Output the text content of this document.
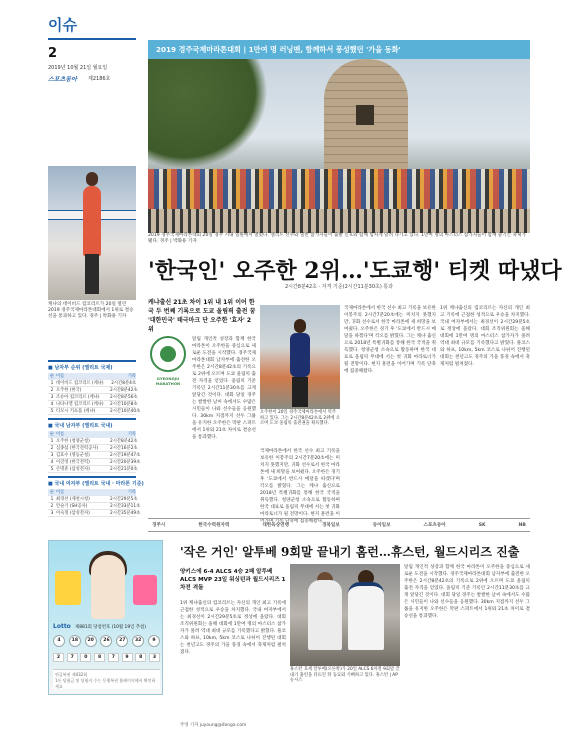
이슈
2
2019년 10월 21일 월요일
스포츠동아 제2186호
케냐의 데이비드 킵코리르가 20일 열린 2019 경주국제마라톤대회에서 1위로 결승선을 통과하고 있다. 경주 | 박화용 기자
■ 남자부 순위 (엘리트 국제)
순 이름	기록
1 데이비드 킵코리르 (케냐)	2시간8분4초
2 오주한 (한국)	2시간8분42초
3 조슈아 킵코리르 (케냐)	2시간8분56초
4 나타나엘 킵코리르 (케냐)	2시간10분8초
5 티모시 키프롭 (케냐)	2시간10분40초
■ 국내 남자부 (엘리트 국내)
순 이름	기록
1 오주한 (청양군청)	2시간8분42초
2 심종섭 (한국전력공사)	2시간16분2초
3 김효수 (영동군청)	2시간19분47초
4 이진영 (한국전력)	2시간20분39초
5 손명준 (삼성전자)	2시간21분0초
■ 국내 여자부 (엘리트 국내 · 마라톤 기준)
순 이름	기록
1 최경선 (제천시청)	2시간29분5초
2 안슬기 (SH공사)	2시간33분11초
3 이숙정 (삼성전자)	2시간35분49초
2019 경주국제마라톤대회 | 1만여 명 러닝맨, 함께하서 풍성했던 '가을 동화'
2019 경주국제마라톤대회 20일 경주 시내 일원에서 열렸다. 엘리트 선수와 일반 참가자들이 출발 신호와 함께 힘차게 달려 나가고 있다. 1만여 명의 마스터스 참가자들이 함께 즐기는 축제가 됐다. 경주 | 박화용 기자
'한국인' 오주한 2위…'도쿄행' 티켓 따냈다
2시간8분42초 · 자격 기준(2시간11분30초) 통과
케냐출신 21초 차이 1위 내 1위 이어 한국 두 번째 기록으로 도쿄 올림픽 출전 꿈 '대한민국' 태극마크 단 오주한 '효자' 2위
GYEONGJU MARATHON
달림 개인적 성장과 함께 한국 마라톤이 오주한을 중심으로 새로운 도전을 시작했다. 경주국제마라톤대회 남자부에 출전한 오주한은 2시간8분42초의 기록으로 2위에 오르며 도쿄 올림픽 출전 자격을 얻었다. 올림픽 기준 기록인 2시간11분30초를 크게 앞당긴 것이다. 대회 당일 경주는 쌀쌀한 날씨 속에서도 수많은 시민들이 나와 선수들을 응원했다. 30km 지점까지 선두 그룹을 유지한 오주한은 막판 스퍼트에서 1위와 21초 차이로 결승선을 통과했다.
오주한이 20일 경주국제마라톤에서 역주하고 있다. 그는 2시간8분42초로 2위에 오르며 도쿄 올림픽 출전권을 획득했다.
국제마라톤에서 한국 선수 최고 기록을 보유한 이봉주의 2시간7분20초에는 미치지 못했지만, 귀화 선수로서 한국 마라톤에 새 희망을 보여줬다. 오주한은 경기 후 '도쿄에서 반드시 메달을 따겠다'며 각오를 밝혔다. 그는 케냐 출신으로 2018년 특별귀화를 통해 한국 국적을 취득했다. 청양군청 소속으로 활동하며 한국 대표로 올림픽 무대에 서는 첫 귀화 마라토너가 될 전망이다. 현지 훈련을 이어가며 기록 단축에 집중해왔다.
국제마라톤에서 한국 선수 최고 기록을 보유한 이봉주의 2시간7분20초에는 미치지 못했지만, 귀화 선수로서 한국 마라톤에 새 희망을 보여줬다. 오주한은 경기 후 '도쿄에서 반드시 메달을 따겠다'며 각오를 밝혔다. 그는 케냐 출신으로 2018년 특별귀화를 통해 한국 국적을 취득했다. 청양군청 소속으로 활동하며 한국 대표로 올림픽 무대에 서는 첫 귀화 마라토너가 될 전망이다. 현지 훈련을 이어가며 기록 단축에 집중해왔다.
1위 케냐출신의 킵코리르는 자신의 개인 최고 기록에 근접한 성적으로 우승을 차지했다. 국내 여자부에서는 최경선이 2시간29분5초로 정상에 올랐다. 대회 조직위원회는 올해 대회에 1만여 명의 마스터스 참가자가 몰려 역대 최대 규모를 기록했다고 밝혔다. 풀코스와 하프, 10km, 5km 코스로 나뉘어 진행된 대회는 천년고도 경주의 가을 풍경 속에서 축제처럼 펼쳐졌다.
경주시	한국수력원자력	대한육상연맹	경북일보	동아일보	스포츠동아	SK	NB
Lotto 제881회 당첨번호 (10월 19일 추첨)
4	18	20	26	27	32	9
2	7	0	8	7	9	8	3
연금복권 제432회
1등 당첨금 및 당첨자 수는 동행복권 홈페이지에서 확인하세요
'작은 거인' 알투베 9회말 끝내기 홈런…휴스턴, 월드시리즈 진출
양키스에 6-4 ALCS 4승 2패 알투베 ALCS MVP 23일 워싱턴과 월드시리즈 1차전 격돌
1위 케냐출신의 킵코리르는 자신의 개인 최고 기록에 근접한 성적으로 우승을 차지했다. 국내 여자부에서는 최경선이 2시간29분5초로 정상에 올랐다. 대회 조직위원회는 올해 대회에 1만여 명의 마스터스 참가자가 몰려 역대 최대 규모를 기록했다고 밝혔다. 풀코스와 하프, 10km, 5km 코스로 나뉘어 진행된 대회는 천년고도 경주의 가을 풍경 속에서 축제처럼 펼쳐졌다.
휴스턴 호세 알투베(오른쪽)가 20일 ALCS 6차전 9회말 끝내기 홈런을 터뜨린 뒤 동료와 기뻐하고 있다. 휴스턴 | AP 뉴시스
달림 개인적 성장과 함께 한국 마라톤이 오주한을 중심으로 새로운 도전을 시작했다. 경주국제마라톤대회 남자부에 출전한 오주한은 2시간8분42초의 기록으로 2위에 오르며 도쿄 올림픽 출전 자격을 얻었다. 올림픽 기준 기록인 2시간11분30초를 크게 앞당긴 것이다. 대회 당일 경주는 쌀쌀한 날씨 속에서도 수많은 시민들이 나와 선수들을 응원했다. 30km 지점까지 선두 그룹을 유지한 오주한은 막판 스퍼트에서 1위와 21초 차이로 결승선을 통과했다.
주영 기자 juyoung@donga.com
